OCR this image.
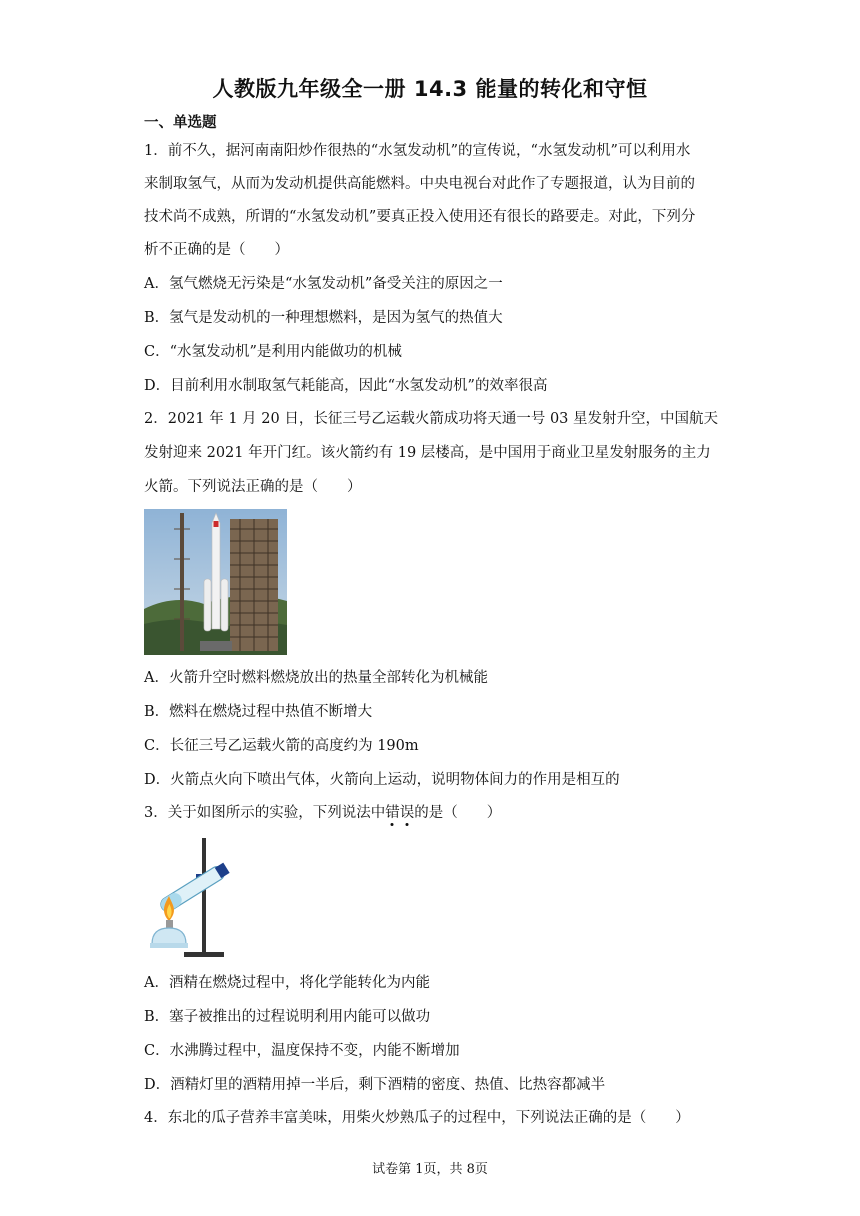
人教版九年级全一册 14.3 能量的转化和守恒
一、单选题
1．前不久，据河南南阳炒作很热的“水氢发动机”的宣传说，“水氢发动机”可以利用水
来制取氢气，从而为发动机提供高能燃料。中央电视台对此作了专题报道，认为目前的
技术尚不成熟，所谓的“水氢发动机”要真正投入使用还有很长的路要走。对此，下列分
析不正确的是（　　）
A．氢气燃烧无污染是“水氢发动机”备受关注的原因之一
B．氢气是发动机的一种理想燃料，是因为氢气的热值大
C．“水氢发动机”是利用内能做功的机械
D．目前利用水制取氢气耗能高，因此“水氢发动机”的效率很高
2．2021 年 1 月 20 日，长征三号乙运载火箭成功将天通一号 03 星发射升空，中国航天
发射迎来 2021 年开门红。该火箭约有 19 层楼高，是中国用于商业卫星发射服务的主力
火箭。下列说法正确的是（　　）
A．火箭升空时燃料燃烧放出的热量全部转化为机械能
B．燃料在燃烧过程中热值不断增大
C．长征三号乙运载火箭的高度约为 190m
D．火箭点火向下喷出气体，火箭向上运动，说明物体间力的作用是相互的
3．关于如图所示的实验，下列说法中错误的是（　　）
A．酒精在燃烧过程中，将化学能转化为内能
B．塞子被推出的过程说明利用内能可以做功
C．水沸腾过程中，温度保持不变，内能不断增加
D．酒精灯里的酒精用掉一半后，剩下酒精的密度、热值、比热容都减半
4．东北的瓜子营养丰富美味，用柴火炒熟瓜子的过程中，下列说法正确的是（　　）
试卷第 1页，共 8页
